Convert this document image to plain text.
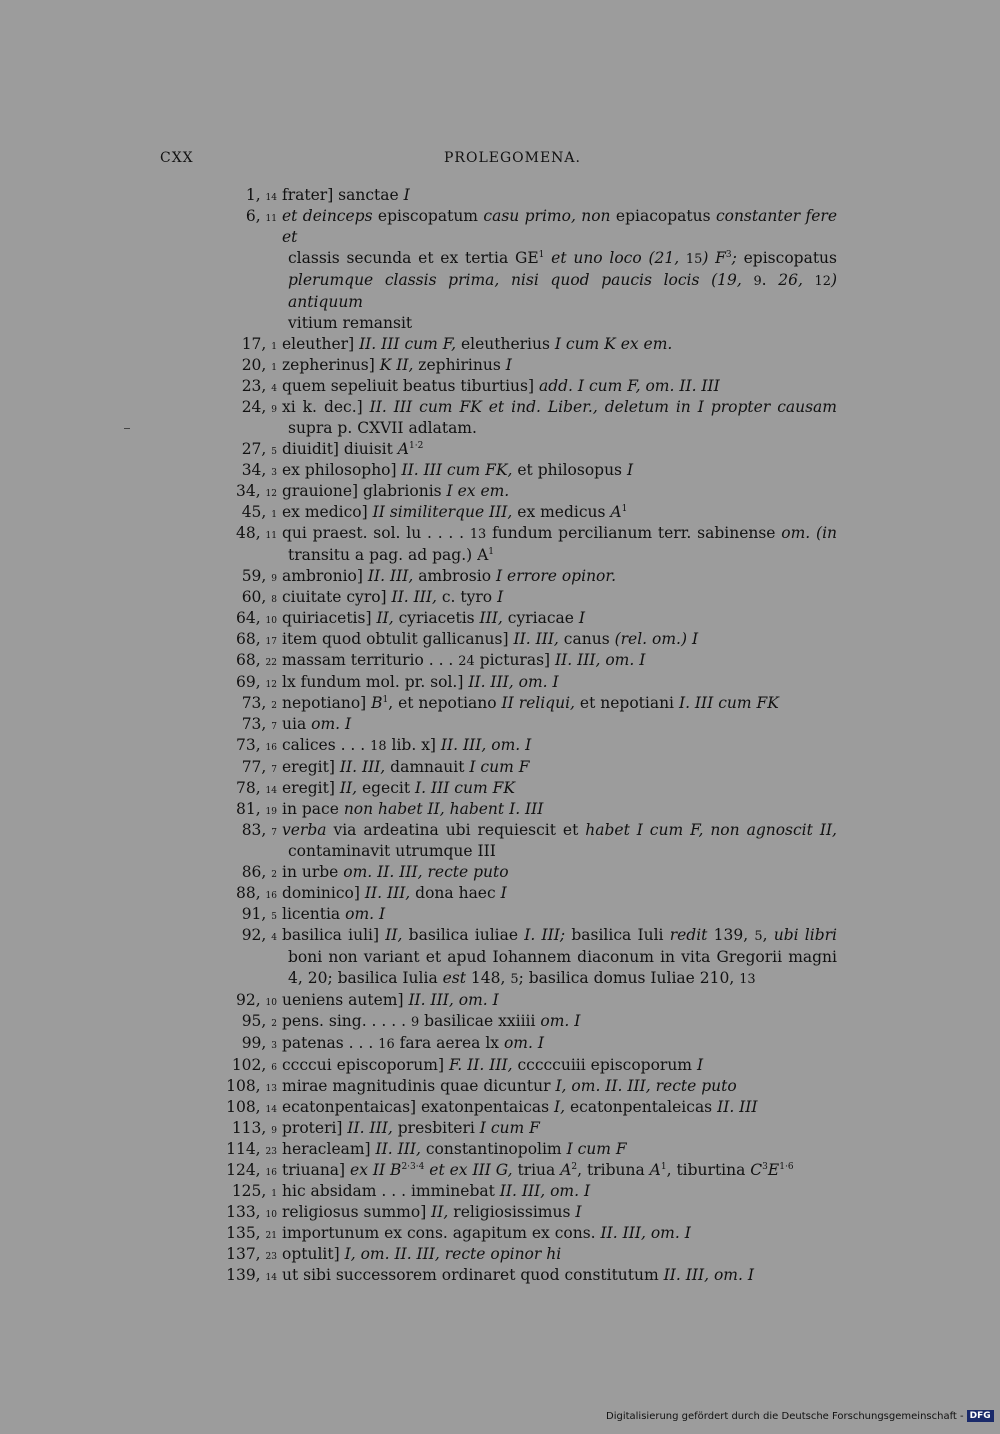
CXX	PROLEGOMENA.
1, 14 frater] sanctae I
6, 11 et deinceps episcopatum casu primo, non epiacopatus constanter fere et
classis secunda et ex tertia $GE^1$ et uno loco (21, 15) $F^3$; episcopatus
plerumque classis prima, nisi quod paucis locis (19, 9. 26, 12) antiquum
vitium remansit
17, 1 eleuther] II. III cum F, eleutherius I cum K ex em.
20, 1 zepherinus] K II, zephirinus I
23, 4 quem sepeliuit beatus tiburtius] add. I cum F, om. II. III
24, 9 xi k. dec.] II. III cum FK et ind. Liber., deletum in I propter causam
supra p. CXVII adlatam.
27, 5 diuidit] diuisit $A^{1\cdot 2}$
34, 3 ex philosopho] II. III cum FK, et philosopus I
34, 12 grauione] glabrionis I ex em.
45, 1 ex medico] II similiterque III, ex medicus $A^1$
48, 11 qui praest. sol. lu . . . . 13 fundum percilianum terr. sabinense om. (in
transitu a pag. ad pag.) $A^1$
59, 9 ambronio] II. III, ambrosio I errore opinor.
60, 8 ciuitate cyro] II. III, c. tyro I
64, 10 quiriacetis] II, cyriacetis III, cyriacae I
68, 17 item quod obtulit gallicanus] II. III, canus (rel. om.) I
68, 22 massam territurio . . . 24 picturas] II. III, om. I
69, 12 lx fundum mol. pr. sol.] II. III, om. I
73, 2 nepotiano] $B^1$, et nepotiano II reliqui, et nepotiani I. III cum FK
73, 7 uia om. I
73, 16 calices . . . 18 lib. x] II. III, om. I
77, 7 eregit] II. III, damnauit I cum F
78, 14 eregit] II, egecit I. III cum FK
81, 19 in pace non habet II, habent I. III
83, 7 verba via ardeatina ubi requiescit et habet I cum F, non agnoscit II,
contaminavit utrumque III
86, 2 in urbe om. II. III, recte puto
88, 16 dominico] II. III, dona haec I
91, 5 licentia om. I
92, 4 basilica iuli] II, basilica iuliae I. III; basilica Iuli redit 139, 5, ubi libri
boni non variant et apud Iohannem diaconum in vita Gregorii magni
4, 20; basilica Iulia est 148, 5; basilica domus Iuliae 210, 13
92, 10 ueniens autem] II. III, om. I
95, 2 pens. sing. . . . . 9 basilicae xxiiii om. I
99, 3 patenas . . . 16 fara aerea lx om. I
102, 6 ccccui episcoporum] F. II. III, cccccuiii episcoporum I
108, 13 mirae magnitudinis quae dicuntur I, om. II. III, recte puto
108, 14 ecatonpentaicas] exatonpentaicas I, ecatonpentaleicas II. III
113, 9 proteri] II. III, presbiteri I cum F
114, 23 heracleam] II. III, constantinopolim I cum F
124, 16 triuana] ex II $B^{2\cdot 3\cdot 4}$ et ex III G, triua $A^2$, tribuna $A^1$, tiburtina $C^3E^{1\cdot 6}$
125, 1 hic absidam . . . imminebat II. III, om. I
133, 10 religiosus summo] II, religiosissimus I
135, 21 importunum ex cons. agapitum ex cons. II. III, om. I
137, 23 optulit] I, om. II. III, recte opinor hi
139, 14 ut sibi successorem ordinaret quod constitutum II. III, om. I
Digitalisierung gefördert durch die Deutsche Forschungsgemeinschaft - DFG
